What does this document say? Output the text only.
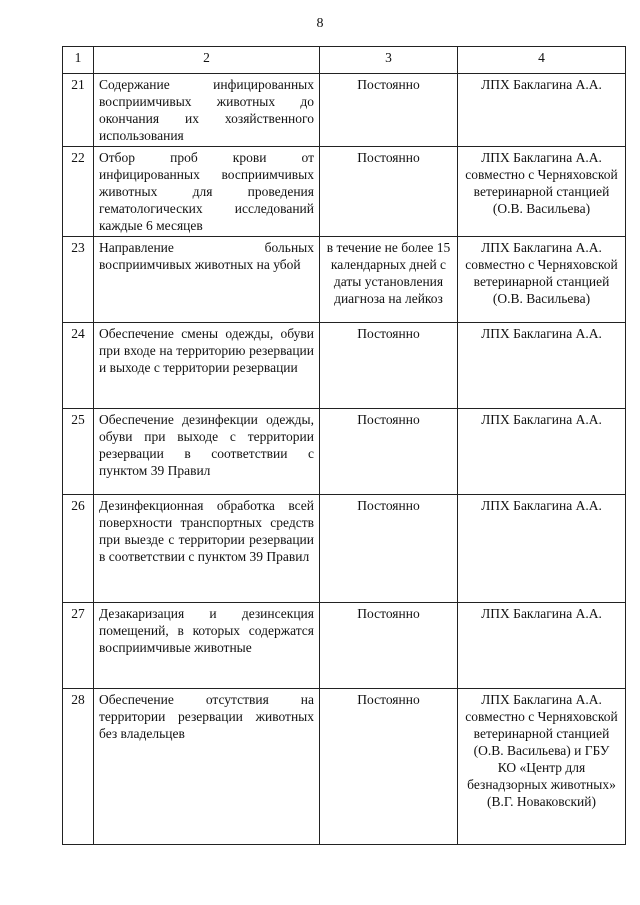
8
1	2	3	4
21	Содержание инфицированных восприимчивых животных до окончания их хозяйственного использования	Постоянно	ЛПХ Баклагина А.А.
22	Отбор проб крови от инфицированных восприимчивых животных для проведения гематологических исследований каждые 6 месяцев	Постоянно	ЛПХ Баклагина А.А. совместно с Черняховской ветеринарной станцией (О.В. Васильева)
23	Направление больных восприимчивых животных на убой	в течение не более 15 календарных дней с даты установления диагноза на лейкоз	ЛПХ Баклагина А.А. совместно с Черняховской ветеринарной станцией (О.В. Васильева)
24	Обеспечение смены одежды, обуви при входе на территорию резервации и выходе с территории резервации	Постоянно	ЛПХ Баклагина А.А.
25	Обеспечение дезинфекции одежды, обуви при выходе с территории резервации в соответствии с пунктом 39 Правил	Постоянно	ЛПХ Баклагина А.А.
26	Дезинфекционная обработка всей поверхности транспортных средств при выезде с территории резервации в соответствии с пунктом 39 Правил	Постоянно	ЛПХ Баклагина А.А.
27	Дезакаризация и дезинсекция помещений, в которых содержатся восприимчивые животные	Постоянно	ЛПХ Баклагина А.А.
28	Обеспечение отсутствия на территории резервации животных без владельцев	Постоянно	ЛПХ Баклагина А.А. совместно с Черняховской ветеринарной станцией (О.В. Васильева) и ГБУ КО «Центр для безнадзорных животных» (В.Г. Новаковский)
